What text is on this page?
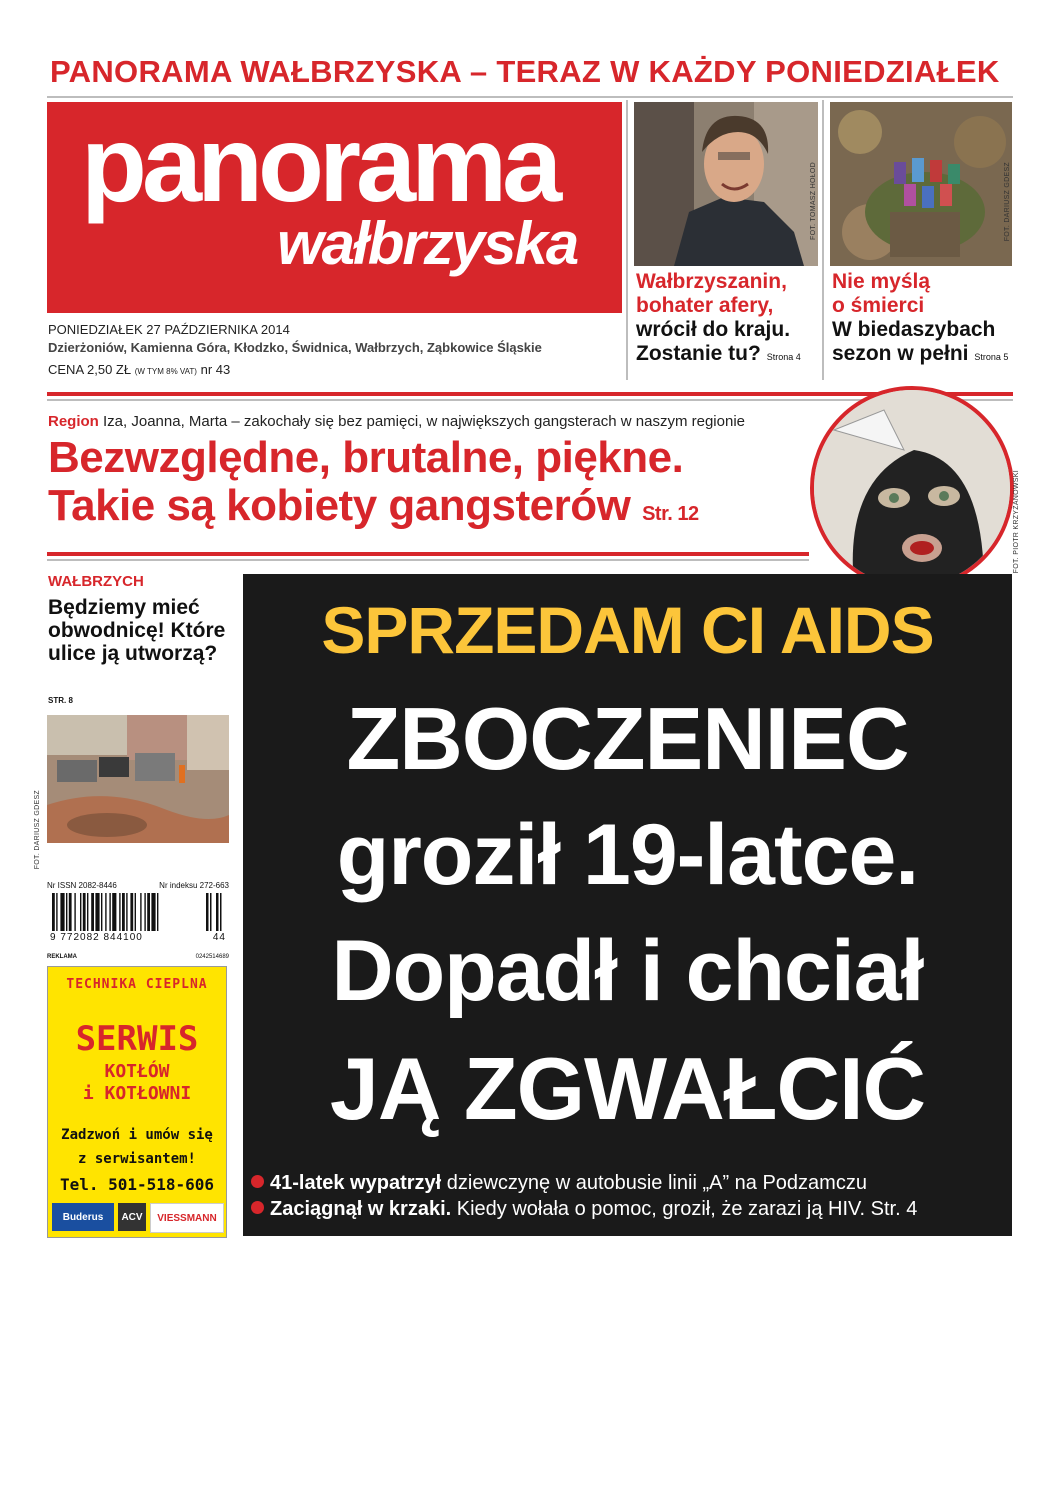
PANORAMA WAŁBRZYSKA – TERAZ W KAŻDY PONIEDZIAŁEK
panorama
wałbrzyska
PONIEDZIAŁEK 27 PAŹDZIERNIKA 2014
Dzierżoniów, Kamienna Góra, Kłodzko, Świdnica, Wałbrzych, Ząbkowice Śląskie
CENA 2,50 ZŁ (W TYM 8% VAT) nr 43
FOT. TOMASZ HOŁOD
Wałbrzyszanin,
bohater afery,
wrócił do kraju.
Zostanie tu? Strona 4
FOT. DARIUSZ GDESZ
Nie myślą
o śmierci
W biedaszybach
sezon w pełni Strona 5
Region Iza, Joanna, Marta – zakochały się bez pamięci, w największych gangsterach w naszym regionie
Bezwzględne, brutalne, piękne.
Takie są kobiety gangsterów Str. 12	FOT. PIOTR KRZYŻANOWSKI
WAŁBRZYCH
Będziemy mieć obwodnicę! Które ulice ją utworzą?
STR. 8
FOT. DARIUSZ GDESZ
Nr ISSN 2082-8446	Nr indeksu 272-663
9 772082 844100	44
REKLAMA	0242514689
TECHNIKA CIEPLNA
SERWIS
KOTŁÓW
i KOTŁOWNI
Zadzwoń i umów się
z serwisantem!
Tel. 501-518-606
Buderus	ACV	VIESSMANN
SPRZEDAM CI AIDS
ZBOCZENIEC
groził 19-latce.
Dopadł i chciał
JĄ ZGWAŁCIĆ
41-latek wypatrzył dziewczynę w autobusie linii „A” na Podzamczu
Zaciągnął w krzaki. Kiedy wołała o pomoc, groził, że zarazi ją HIV. Str. 4
